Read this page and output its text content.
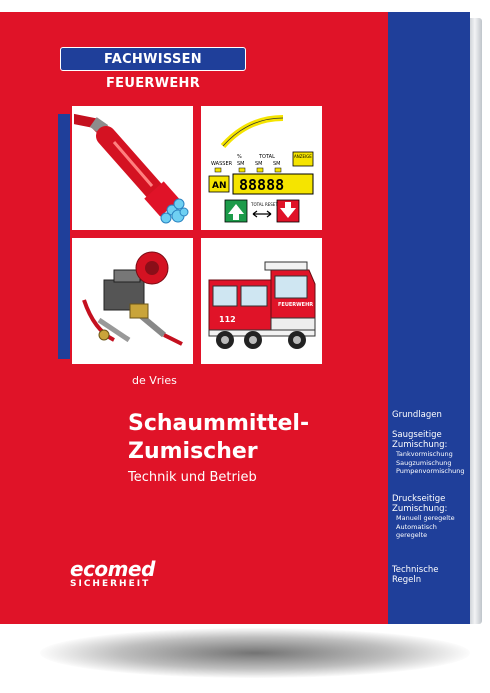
FACHWISSEN FEUERWEHR
WASSER
%
SM
TOTAL
SM SM
ANZEIGE
AN 88888
TOTAL RESET
112
FEUERWEHR
de Vries
Schaummittel-
Zumischer
Technik und Betrieb
ecomed
SICHERHEIT
Grundlagen
Saugseitige
Zumischung:
Tankvormischung
Saugzumischung
Pumpenvormischung
Druckseitige
Zumischung:
Manuell geregelte
Automatisch
geregelte
Technische
Regeln
